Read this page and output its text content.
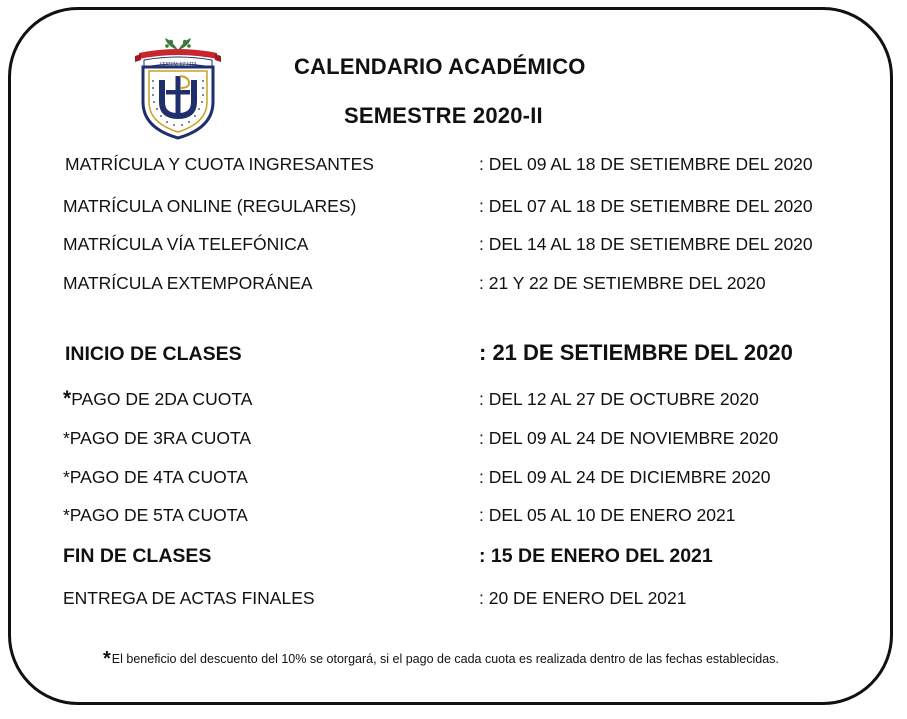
VERITAS ET VITA	CALENDARIO ACADÉMICO
SEMESTRE 2020-II
MATRÍCULA Y CUOTA INGRESANTES	: DEL 09 AL 18 DE SETIEMBRE DEL 2020
MATRÍCULA ONLINE (REGULARES)	: DEL 07 AL 18 DE SETIEMBRE DEL 2020
MATRÍCULA VÍA TELEFÓNICA	: DEL 14 AL 18 DE SETIEMBRE DEL 2020
MATRÍCULA EXTEMPORÁNEA	: 21 Y 22 DE SETIEMBRE DEL 2020
INICIO DE CLASES	: 21 DE SETIEMBRE DEL 2020
*PAGO DE 2DA CUOTA	: DEL 12 AL 27 DE OCTUBRE 2020
*PAGO DE 3RA CUOTA	: DEL 09 AL 24 DE NOVIEMBRE 2020
*PAGO DE 4TA CUOTA	: DEL 09 AL 24 DE DICIEMBRE 2020
*PAGO DE 5TA CUOTA	: DEL 05 AL 10 DE ENERO 2021
FIN DE CLASES	: 15 DE ENERO DEL 2021
ENTREGA DE ACTAS FINALES	: 20 DE ENERO DEL 2021
*El beneficio del descuento del 10% se otorgará, si el pago de cada cuota es realizada dentro de las fechas establecidas.
